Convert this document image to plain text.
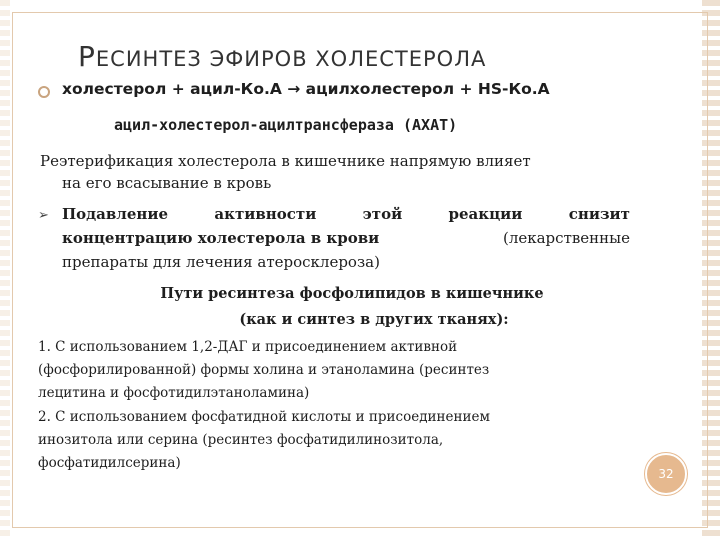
РЕСИНТЕЗ ЭФИРОВ ХОЛЕСТЕРОЛА
холестерол + ацил-Ко.А → ацилхолестерол + HS-Ко.А
ацил-холестерол-ацилтрансфераза (АХАТ)
Реэтерификация холестерола в кишечнике напрямую влияет
на его всасывание в кровь
➢ Подавление	активности	этой	реакции	снизит
концентрацию холестерола в крови	(лекарственные
препараты для лечения атеросклероза)
Пути ресинтеза фосфолипидов в кишечнике
(как и синтез в других тканях):
1. С использованием 1,2-ДАГ и присоединением активной
(фосфорилированной) формы холина и этаноламина (ресинтез
лецитина и фосфотидилэтаноламина)
2. С использованием фосфатидной кислоты и присоединением
инозитола или серина (ресинтез фосфатидилинозитола,
фосфатидилсерина)
32
